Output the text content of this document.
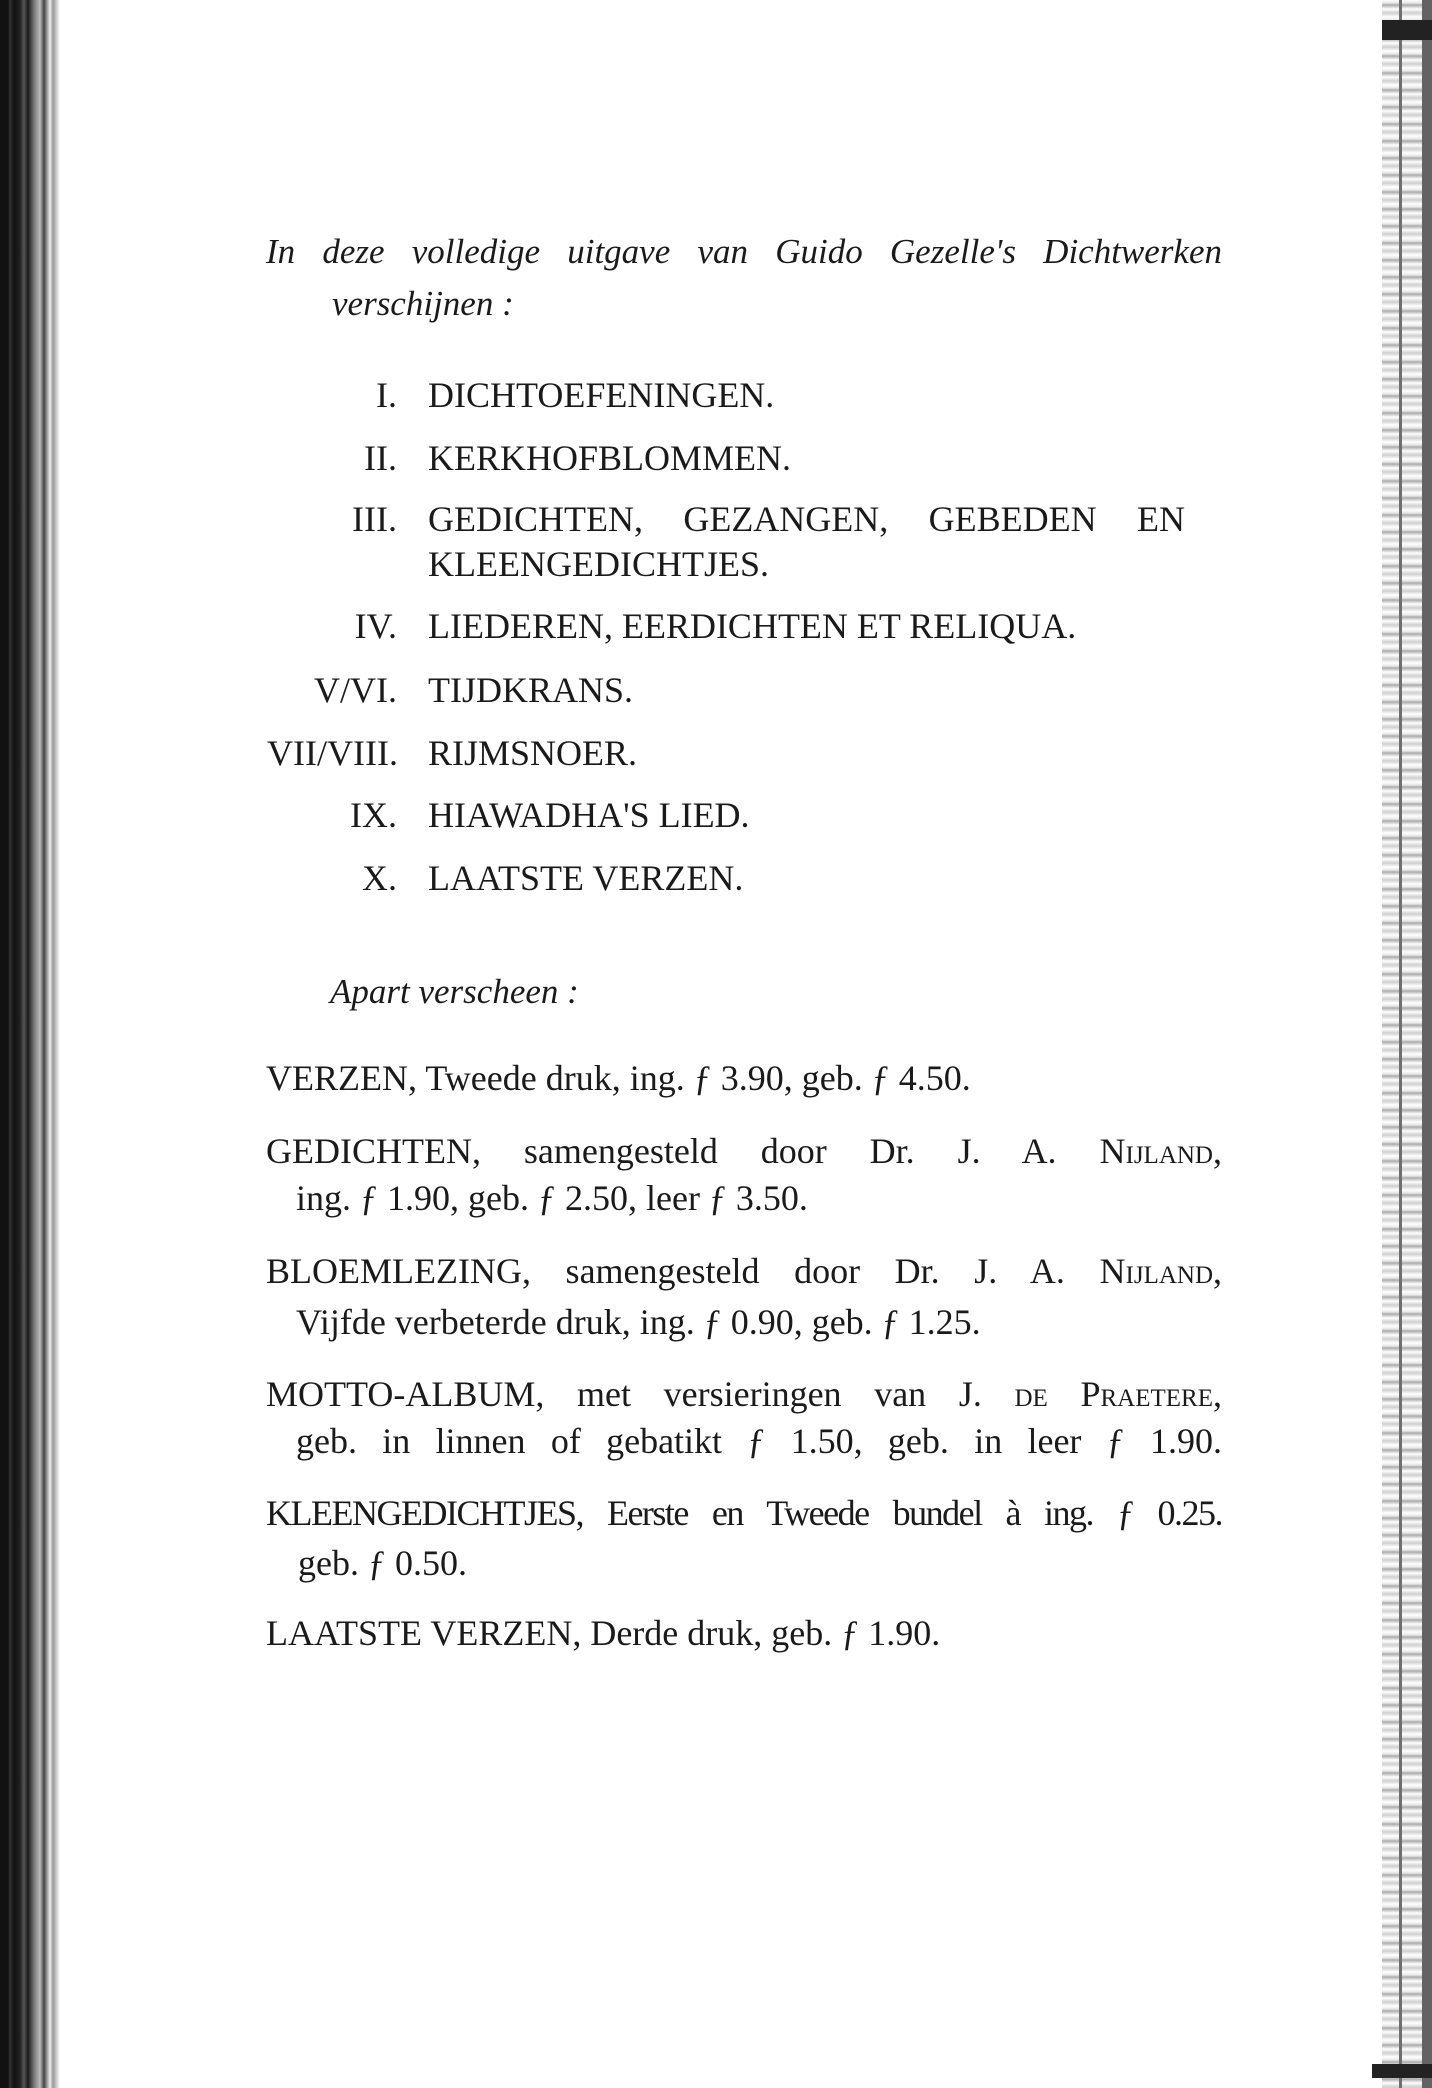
In deze volledige uitgave van Guido Gezelle's Dichtwerken
verschijnen :
I. DICHTOEFENINGEN.
II. KERKHOFBLOMMEN.
III. GEDICHTEN, GEZANGEN, GEBEDEN EN
KLEENGEDICHTJES.
IV. LIEDEREN, EERDICHTEN ET RELIQUA.
V/VI. TIJDKRANS.
VII/VIII. RIJMSNOER.
IX. HIAWADHA'S LIED.
X. LAATSTE VERZEN.
Apart verscheen :
VERZEN, Tweede druk, ing. ƒ 3.90, geb. ƒ 4.50.
GEDICHTEN, samengesteld door Dr. J. A. Nijland,
ing. ƒ 1.90, geb. ƒ 2.50, leer ƒ 3.50.
BLOEMLEZING, samengesteld door Dr. J. A. Nijland,
Vijfde verbeterde druk, ing. ƒ 0.90, geb. ƒ 1.25.
MOTTO-ALBUM, met versieringen van J. de Praetere,
geb. in linnen of gebatikt ƒ 1.50, geb. in leer ƒ 1.90.
KLEENGEDICHTJES, Eerste en Tweede bundel à ing. ƒ 0.25.
geb. ƒ 0.50.
LAATSTE VERZEN, Derde druk, geb. ƒ 1.90.
